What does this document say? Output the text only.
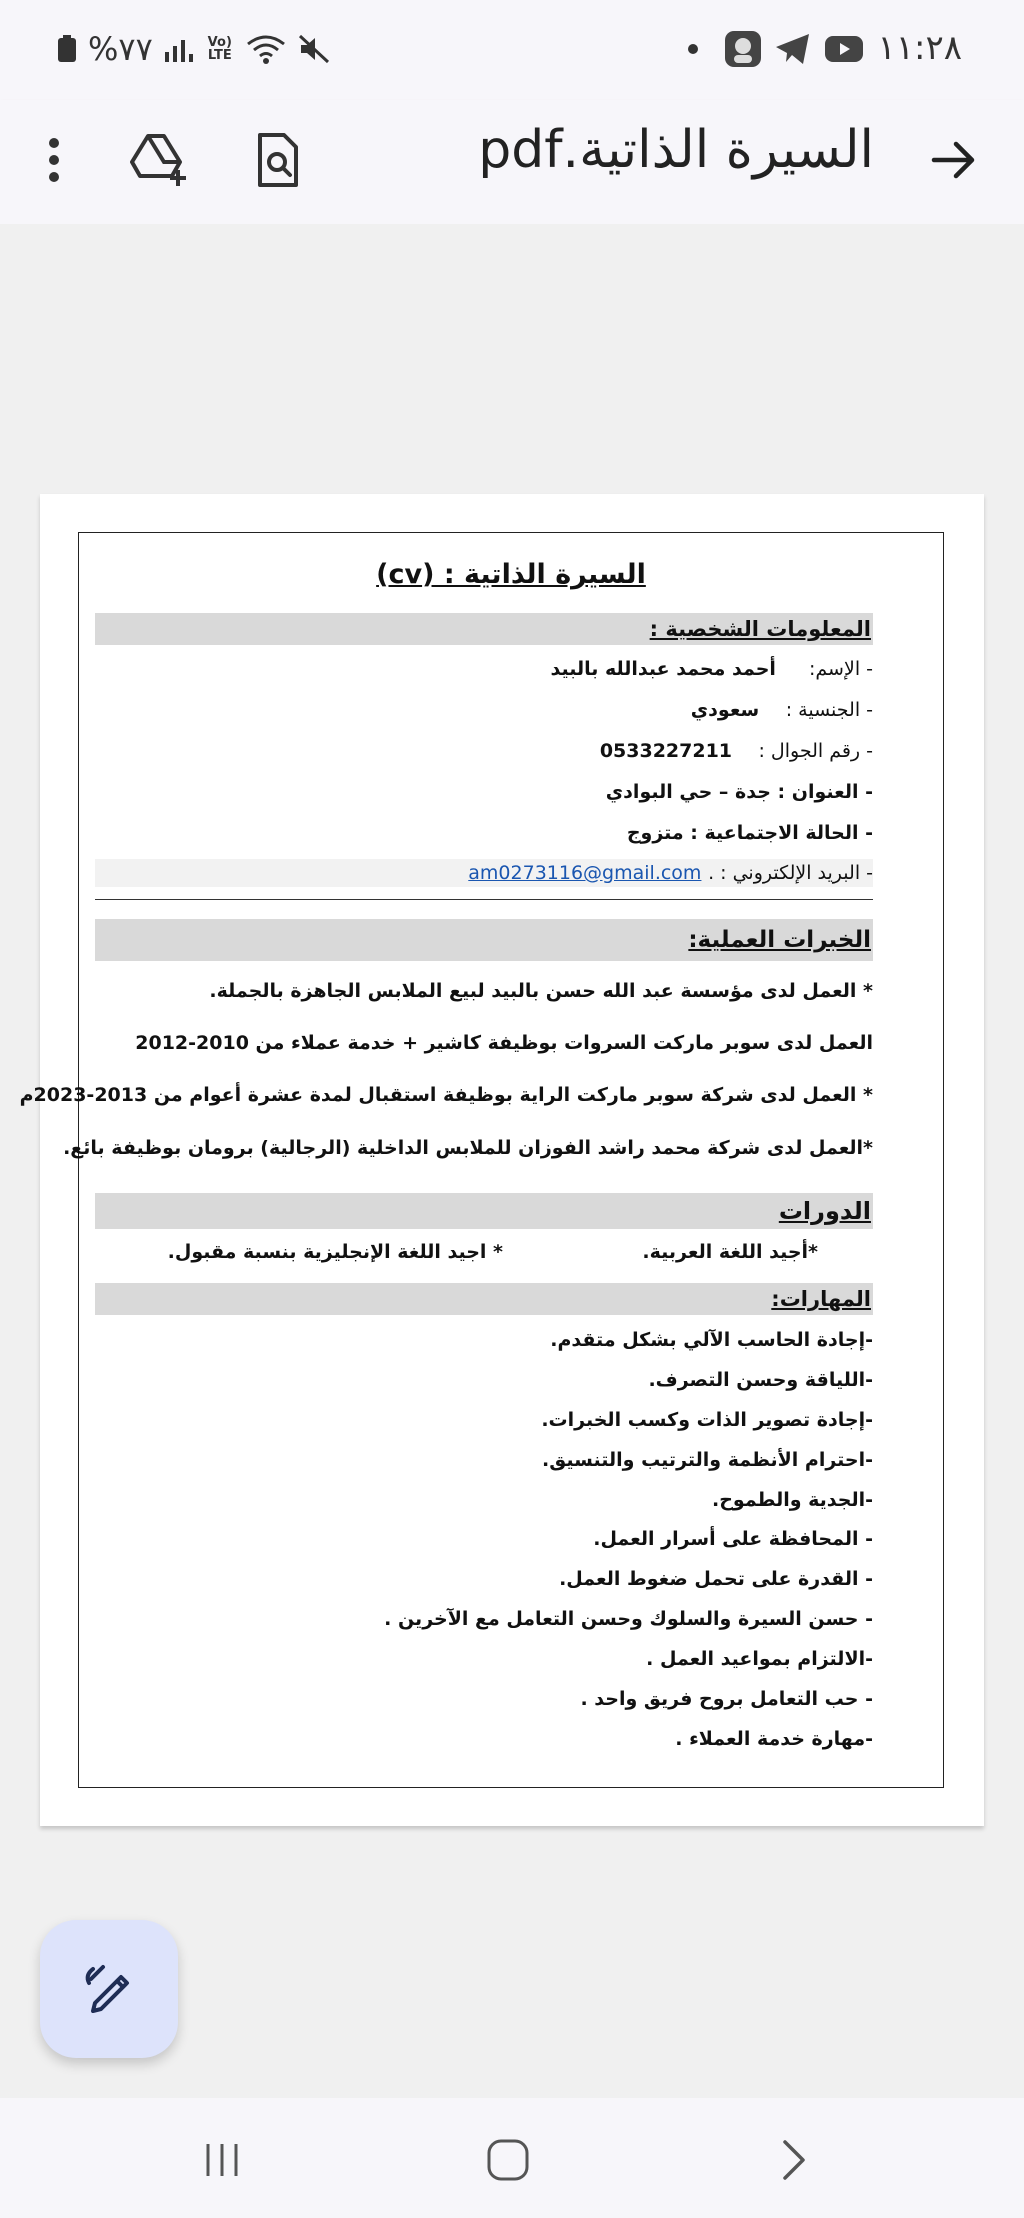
%٧٧	Vo) LTE	١١:٢٨
السيرة الذاتية.pdf
السيرة الذاتية : (cv)
المعلومات الشخصية :
- الإسم:     أحمد محمد عبدالله بالبيد
- الجنسية :    سعودي
- رقم الجوال :    0533227211
- العنوان : جدة – حي البوادي
- الحالة الاجتماعية : متزوج
- البريد الإلكتروني : . am0273116@gmail.com
الخبرات العملية:
* العمل لدى مؤسسة عبد الله حسن بالبيد لبيع الملابس الجاهزة بالجملة.
العمل لدى سوبر ماركت السروات بوظيفة كاشير + خدمة عملاء من 2010-2012
* العمل لدى شركة سوبر ماركت الراية بوظيفة استقبال لمدة عشرة أعوام من 2013-2023م
*العمل لدى شركة محمد راشد الفوزان للملابس الداخلية (الرجالية) برومان بوظيفة بائع.
الدورات
*أجيد اللغة العربية.
* اجيد اللغة الإنجليزية بنسبة مقبول.
المهارات:
-إجادة الحاسب الآلي بشكل متقدم.
-اللياقة وحسن التصرف.
-إجادة تصوير الذات وكسب الخبرات.
-احترام الأنظمة والترتيب والتنسيق.
-الجدية والطموح.
- المحافظة على أسرار العمل.
- القدرة على تحمل ضغوط العمل.
- حسن السيرة والسلوك وحسن التعامل مع الآخرين .
-الالتزام بمواعيد العمل .
- حب التعامل بروح فريق واحد .
-مهارة خدمة العملاء .
